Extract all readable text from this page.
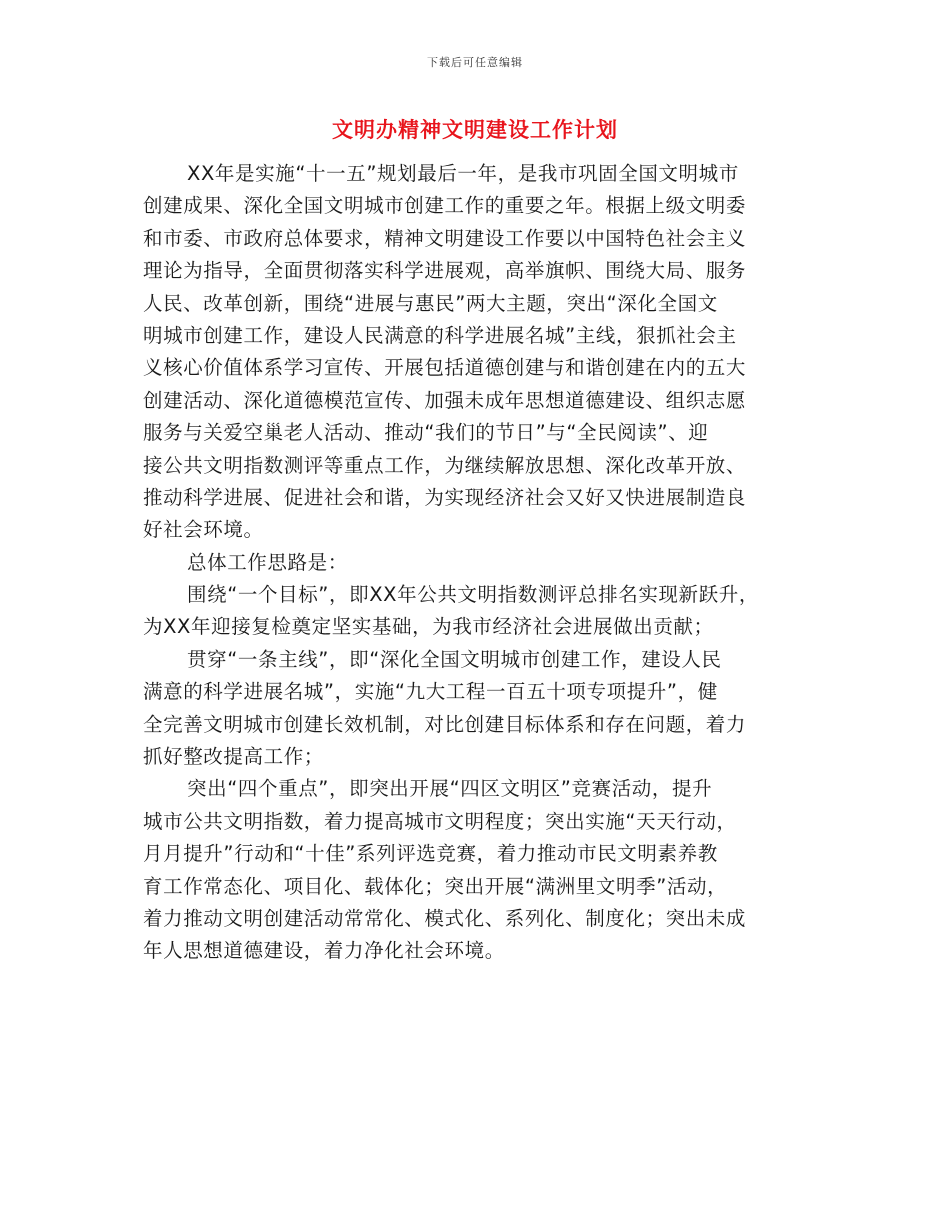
下载后可任意编辑
文明办精神文明建设工作计划
XX年是实施“十一五”规划最后一年，是我市巩固全国文明城市
创建成果、深化全国文明城市创建工作的重要之年。根据上级文明委
和市委、市政府总体要求，精神文明建设工作要以中国特色社会主义
理论为指导，全面贯彻落实科学进展观，高举旗帜、围绕大局、服务
人民、改革创新，围绕“进展与惠民”两大主题，突出“深化全国文
明城市创建工作，建设人民满意的科学进展名城”主线，狠抓社会主
义核心价值体系学习宣传、开展包括道德创建与和谐创建在内的五大
创建活动、深化道德模范宣传、加强未成年思想道德建设、组织志愿
服务与关爱空巢老人活动、推动“我们的节日”与“全民阅读”、迎
接公共文明指数测评等重点工作，为继续解放思想、深化改革开放、
推动科学进展、促进社会和谐，为实现经济社会又好又快进展制造良
好社会环境。
总体工作思路是：
围绕“一个目标”，即XX年公共文明指数测评总排名实现新跃升，
为XX年迎接复检奠定坚实基础，为我市经济社会进展做出贡献；
贯穿“一条主线”，即“深化全国文明城市创建工作，建设人民
满意的科学进展名城”，实施“九大工程一百五十项专项提升”，健
全完善文明城市创建长效机制，对比创建目标体系和存在问题，着力
抓好整改提高工作；
突出“四个重点”，即突出开展“四区文明区”竞赛活动，提升
城市公共文明指数，着力提高城市文明程度；突出实施“天天行动，
月月提升”行动和“十佳”系列评选竞赛，着力推动市民文明素养教
育工作常态化、项目化、载体化；突出开展“满洲里文明季”活动，
着力推动文明创建活动常常化、模式化、系列化、制度化；突出未成
年人思想道德建设，着力净化社会环境。
